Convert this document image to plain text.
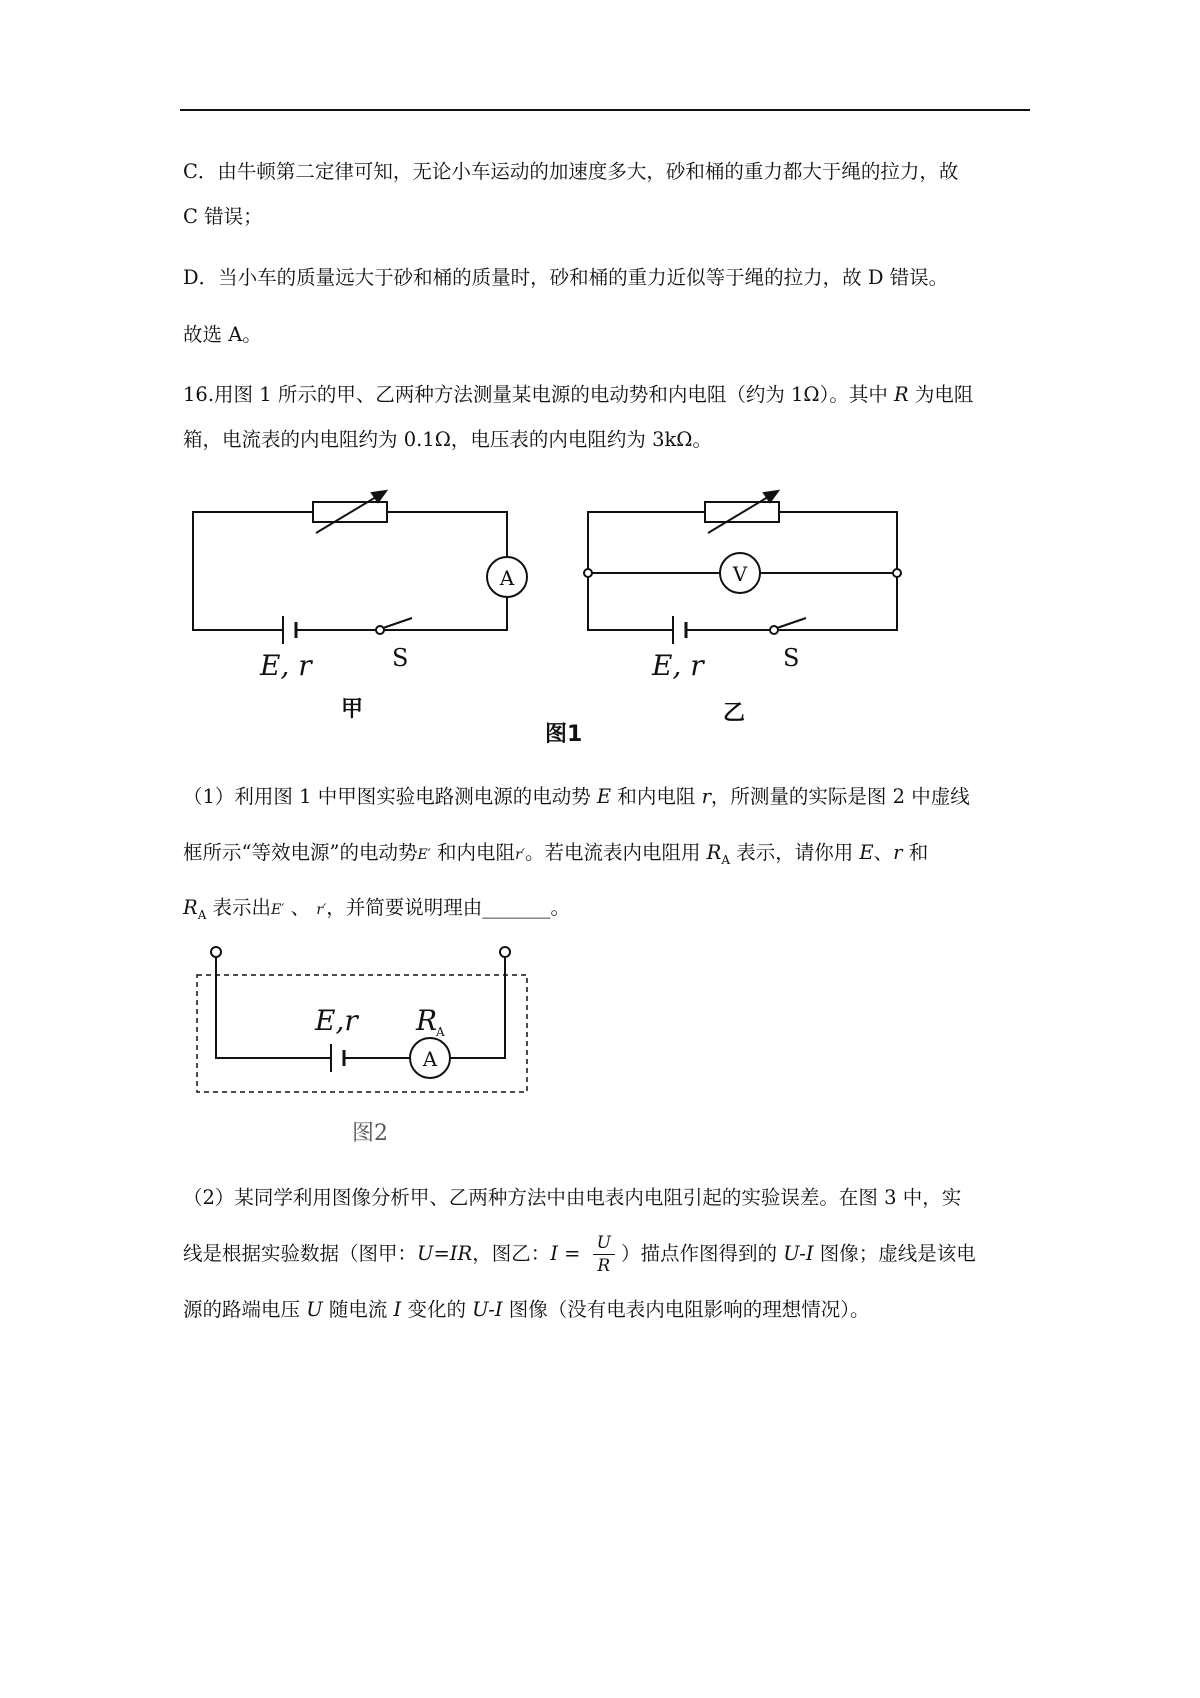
C．由牛顿第二定律可知，无论小车运动的加速度多大，砂和桶的重力都大于绳的拉力，故
C 错误；
D．当小车的质量远大于砂和桶的质量时，砂和桶的重力近似等于绳的拉力，故 D 错误。
故选 A。
16.用图 1 所示的甲、乙两种方法测量某电源的电动势和内电阻（约为 1Ω）。其中 R 为电阻
箱，电流表的内电阻约为 0.1Ω，电压表的内电阻约为 3kΩ。
A	V
E, r	S	E, r	S
甲	乙
图1
（1）利用图 1 中甲图实验电路测电源的电动势 E 和内电阻 r，所测量的实际是图 2 中虚线
框所示“等效电源”的电动势E′ 和内电阻r′。若电流表内电阻用 $R_A$ 表示，请你用 E、r 和
$R_A$ 表示出E′ 、 r′，并简要说明理由_______。
A
E,r R
A
图2
（2）某同学利用图像分析甲、乙两种方法中由电表内电阻引起的实验误差。在图 3 中，实
线是根据实验数据（图甲：U=IR，图乙：$I = \frac{U}{R}$ ）描点作图得到的 U-I 图像；虚线是该电
源的路端电压 U 随电流 I 变化的 U-I 图像（没有电表内电阻影响的理想情况）。
